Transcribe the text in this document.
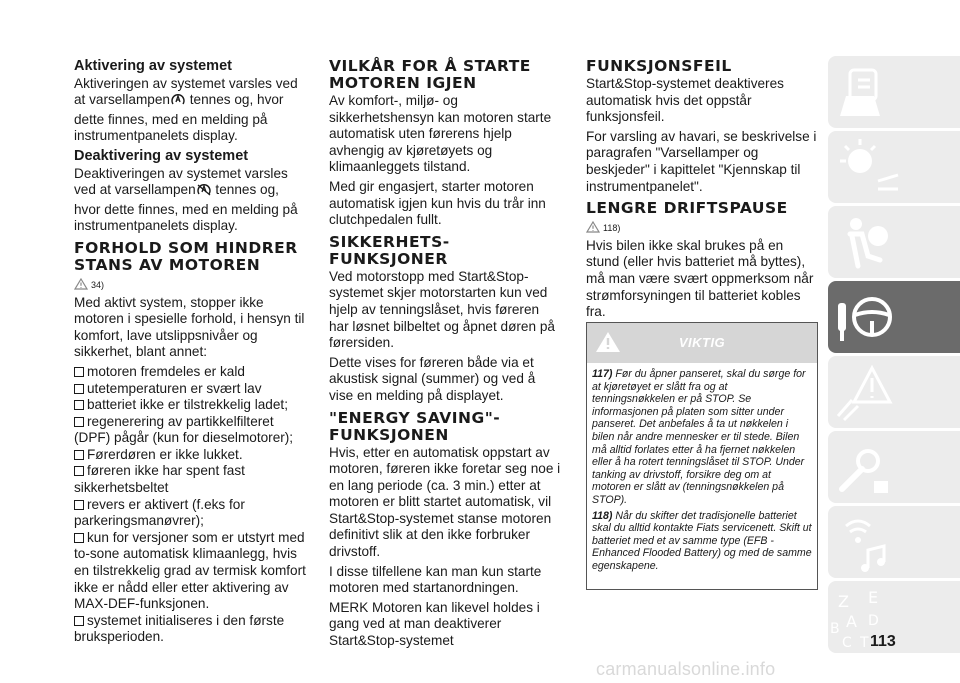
Aktivering av systemet

Aktiveringen av systemet varsles ved at varsellampen tennes og, hvor dette finnes, med en melding på instrumentpanelets display.

Deaktivering av systemet

Deaktiveringen av systemet varsles ved at varsellampen tennes og, hvor dette finnes, med en melding på instrumentpanelets display.

FORHOLD SOM HINDRER STANS AV MOTOREN
34)

Med aktivt system, stopper ikke motoren i spesielle forhold, i hensyn til komfort, lave utslippsnivåer og sikkerhet, blant annet:

motoren fremdeles er kald
utetemperaturen er svært lav
batteriet ikke er tilstrekkelig ladet;
regenerering av partikkelfilteret (DPF) pågår (kun for dieselmotorer);
Førerdøren er ikke lukket.
føreren ikke har spent fast sikkerhetsbeltet
revers er aktivert (f.eks for parkeringsmanøvrer);
kun for versjoner som er utstyrt med to-sone automatisk klimaanlegg, hvis en tilstrekkelig grad av termisk komfort ikke er nådd eller etter aktivering av MAX-DEF-funksjonen.
systemet initialiseres i den første bruksperioden.
VILKÅR FOR Å STARTE MOTOREN IGJEN

Av komfort-, miljø- og sikkerhetshensyn kan motoren starte automatisk uten førerens hjelp avhengig av kjøretøyets og klimaanleggets tilstand.

Med gir engasjert, starter motoren automatisk igjen kun hvis du trår inn clutchpedalen fullt.

SIKKERHETS-FUNKSJONER

Ved motorstopp med Start&Stop-systemet skjer motorstarten kun ved hjelp av tenningslåset, hvis føreren har løsnet bilbeltet og åpnet døren på førersiden.

Dette vises for føreren både via et akustisk signal (summer) og ved å vise en melding på displayet.

"ENERGY SAVING"-FUNKSJONEN

Hvis, etter en automatisk oppstart av motoren, føreren ikke foretar seg noe i en lang periode (ca. 3 min.) etter at motoren er blitt startet automatisk, vil Start&Stop-systemet stanse motoren definitivt slik at den ikke forbruker drivstoff.

I disse tilfellene kan man kun starte motoren med startanordningen.

MERK Motoren kan likevel holdes i gang ved at man deaktiverer Start&Stop-systemet

FUNKSJONSFEIL

Start&Stop-systemet deaktiveres automatisk hvis det oppstår funksjonsfeil.

For varsling av havari, se beskrivelse i paragrafen "Varsellamper og beskjeder" i kapittelet "Kjennskap til instrumentpanelet".

LENGRE DRIFTSPAUSE
118)

Hvis bilen ikke skal brukes på en stund (eller hvis batteriet må byttes), må man være svært oppmerksom når strømforsyningen til batteriet kobles fra.

VIKTIG

117) Før du åpner panseret, skal du sørge for at kjøretøyet er slått fra og at tenningsnøkkelen er på STOP. Se informasjonen på platen som sitter under panseret. Det anbefales å ta ut nøkkelen i bilen når andre mennesker er til stede. Bilen må alltid forlates etter å ha fjernet nøkkelen eller å ha rotert tenningslåset til STOP. Under tanking av drivstoff, forsikre deg om at motoren er slått av (tenningsnøkkelen på STOP).

118) Når du skifter det tradisjonelle batteriet skal du alltid kontakte Fiats servicenett. Skift ut batteriet med et av samme type (EFB - Enhanced Flooded Battery) og med de samme egenskapene.

Z E
A
B D
C T 113
carmanualsonline.info
